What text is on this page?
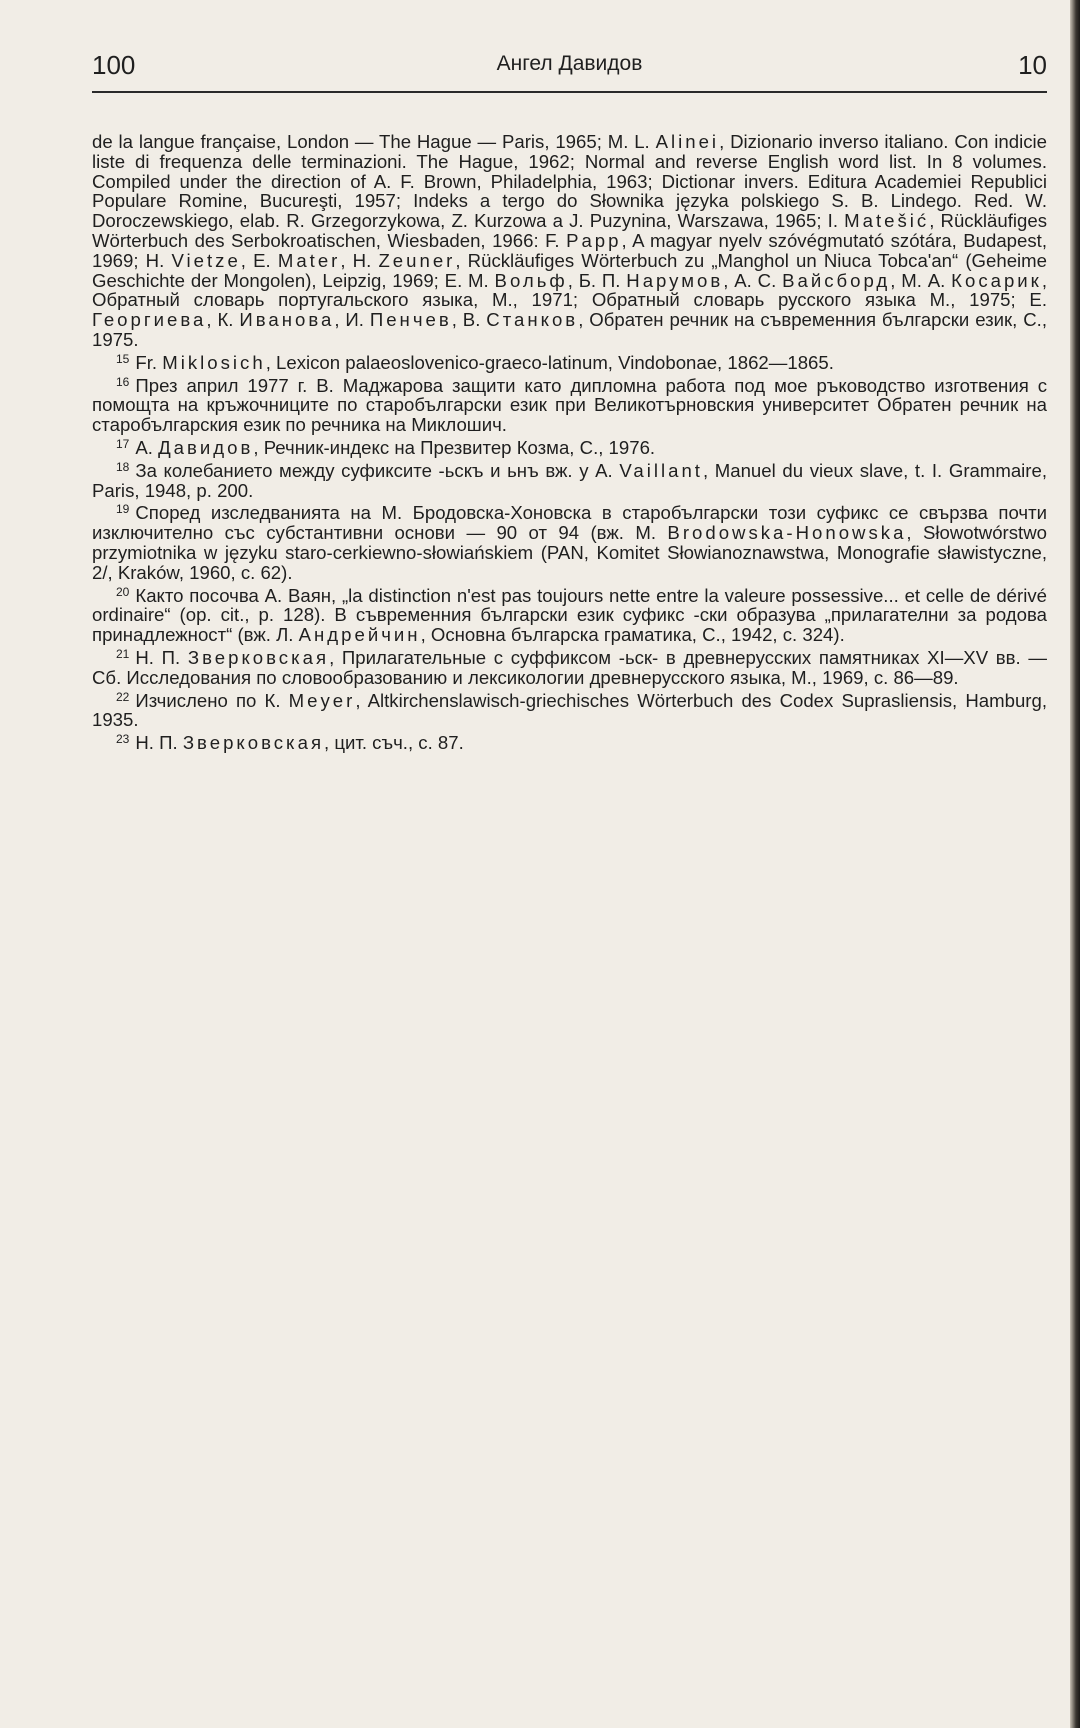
100	Ангел Давидов	10

de la langue française, London — The Hague — Paris, 1965; M. L. Alinei, Dizionario inverso italiano. Con indicie liste di frequenza delle terminazioni. The Hague, 1962; Normal and reverse English word list. In 8 volumes. Compiled under the direction of A. F. Brown, Philadelphia, 1963; Dictionar invers. Editura Academiei Republici Populare Romine, Bucureşti, 1957; Indeks a tergo do Słownika języka polskiego S. B. Lindego. Red. W. Doroczewskiego, elab. R. Grzegorzykowa, Z. Kurzowa a J. Puzynina, Warszawa, 1965; I. Matešić, Rückläufiges Wörterbuch des Serbokroatischen, Wiesbaden, 1966: F. Papp, A magyar nyelv szóvégmutató szótára, Budapest, 1969; H. Vietze, E. Mater, H. Zeuner, Rückläufiges Wörterbuch zu „Manghol un Niuca Tobca'an“ (Geheime Geschichte der Mongolen), Leipzig, 1969; E. M. Вольф, Б. П. Нарумов, А. С. Вайсборд, М. А. Косарик, Обратный словарь португальского языка, М., 1971; Обратный словарь русского языка М., 1975; Е. Георгиева, К. Иванова, И. Пенчев, В. Станков, Обратен речник на съвременния български език, С., 1975.

$^{15}$ Fr. Miklosich, Lexicon palaeoslovenico-graeco-latinum, Vindobonae, 1862—1865.

$^{16}$ През април 1977 г. В. Маджарова защити като дипломна работа под мое ръководство изготвения с помощта на кръжочниците по старобългарски език при Великотърновския университет Обратен речник на старобългарския език по речника на Миклошич.

$^{17}$ А. Давидов, Речник-индекс на Презвитер Козма, С., 1976.

$^{18}$ За колебанието между суфиксите -ьскъ и ьнъ вж. у А. Vaillant, Manuel du vieux slave, t. I. Grammaire, Paris, 1948, p. 200.

$^{19}$ Според изследванията на М. Бродовска-Хоновска в старобългарски този суфикс се свързва почти изключително със субстантивни основи — 90 от 94 (вж. М. Brodowska-Honowska, Słowotwórstwo przymiotnika w języku staro-cerkiewno-słowiańskiem (PAN, Komitet Słowianoznawstwa, Monografie sławistyczne, 2/, Kraków, 1960, c. 62).

$^{20}$ Както посочва А. Ваян, „la distinction n'est pas toujours nette entre la valeure possessive... et celle de dérivé ordinaire“ (op. cit., p. 128). В съвременния български език суфикс -ски образува „прилагателни за родова принадлежност“ (вж. Л. Андрейчин, Основна българска граматика, С., 1942, с. 324).

$^{21}$ Н. П. Зверковская, Прилагательные с суффиксом -ьск- в древнерусских памятниках XI—XV вв. — Сб. Исследования по словообразованию и лексикологии древнерусского языка, М., 1969, с. 86—89.

$^{22}$ Изчислено по К. Meyer, Altkirchenslawisch-griechisches Wörterbuch des Codex Suprasliensis, Hamburg, 1935.

$^{23}$ Н. П. Зверковская, цит. съч., с. 87.
